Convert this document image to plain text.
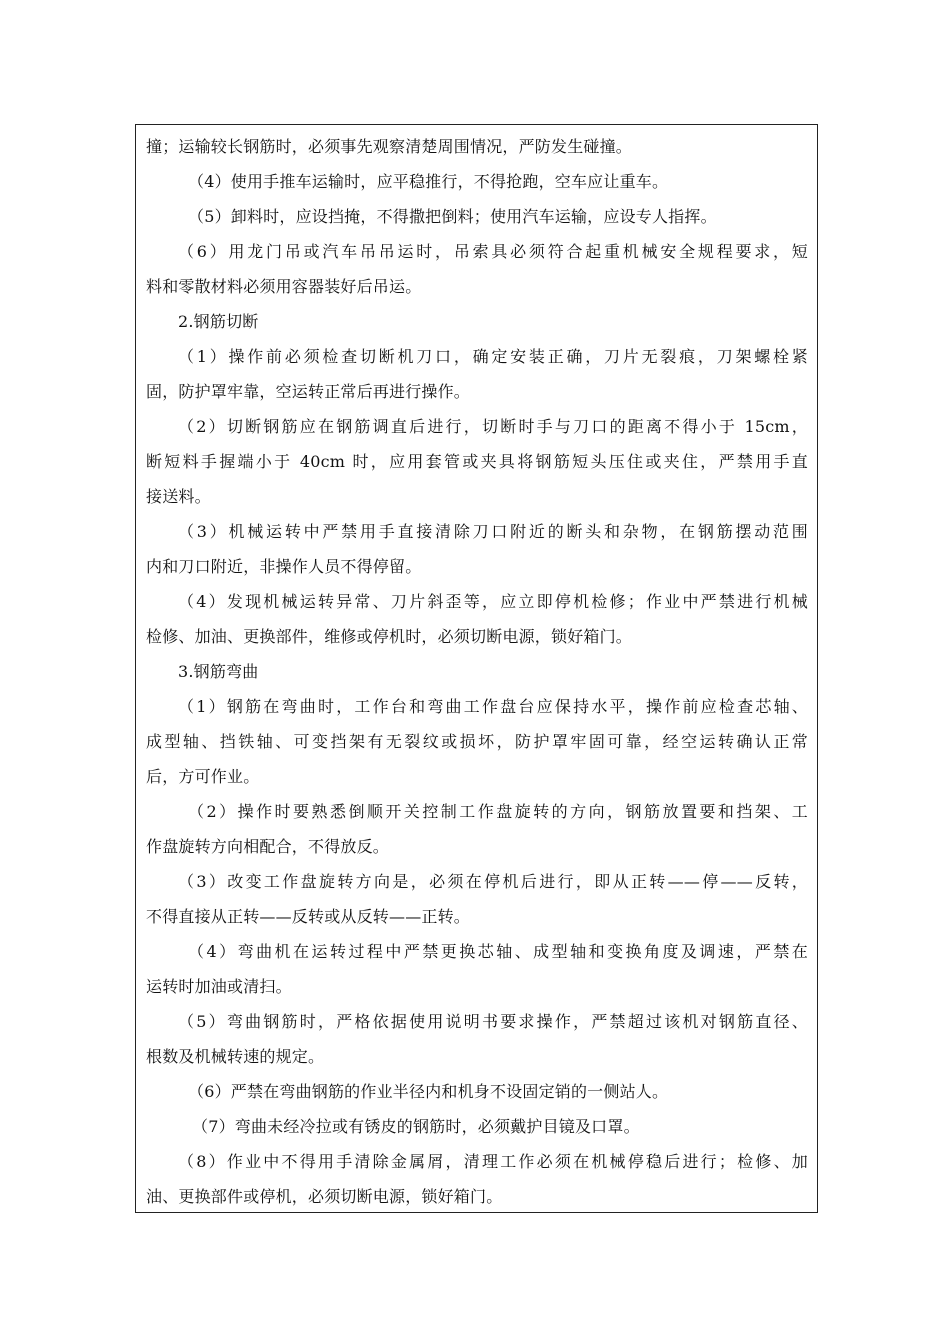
撞；运输较长钢筋时，必须事先观察清楚周围情况，严防发生碰撞。
（4）使用手推车运输时，应平稳推行，不得抢跑，空车应让重车。
（5）卸料时，应设挡掩，不得撒把倒料；使用汽车运输，应设专人指挥。
（6）用龙门吊或汽车吊吊运时，吊索具必须符合起重机械安全规程要求，短
料和零散材料必须用容器装好后吊运。
2.钢筋切断
（1）操作前必须检查切断机刀口，确定安装正确，刀片无裂痕，刀架螺栓紧
固，防护罩牢靠，空运转正常后再进行操作。
（2）切断钢筋应在钢筋调直后进行，切断时手与刀口的距离不得小于 15cm，
断短料手握端小于 40cm 时，应用套管或夹具将钢筋短头压住或夹住，严禁用手直
接送料。
（3）机械运转中严禁用手直接清除刀口附近的断头和杂物，在钢筋摆动范围
内和刀口附近，非操作人员不得停留。
（4）发现机械运转异常、刀片斜歪等，应立即停机检修；作业中严禁进行机械
检修、加油、更换部件，维修或停机时，必须切断电源，锁好箱门。
3.钢筋弯曲
（1）钢筋在弯曲时，工作台和弯曲工作盘台应保持水平，操作前应检查芯轴、
成型轴、挡铁轴、可变挡架有无裂纹或损坏，防护罩牢固可靠，经空运转确认正常
后，方可作业。
（2）操作时要熟悉倒顺开关控制工作盘旋转的方向，钢筋放置要和挡架、工
作盘旋转方向相配合，不得放反。
（3）改变工作盘旋转方向是，必须在停机后进行，即从正转——停——反转，
不得直接从正转——反转或从反转——正转。
（4）弯曲机在运转过程中严禁更换芯轴、成型轴和变换角度及调速，严禁在
运转时加油或清扫。
（5）弯曲钢筋时，严格依据使用说明书要求操作，严禁超过该机对钢筋直径、
根数及机械转速的规定。
（6）严禁在弯曲钢筋的作业半径内和机身不设固定销的一侧站人。
（7）弯曲未经冷拉或有锈皮的钢筋时，必须戴护目镜及口罩。
（8）作业中不得用手清除金属屑，清理工作必须在机械停稳后进行；检修、加
油、更换部件或停机，必须切断电源，锁好箱门。
